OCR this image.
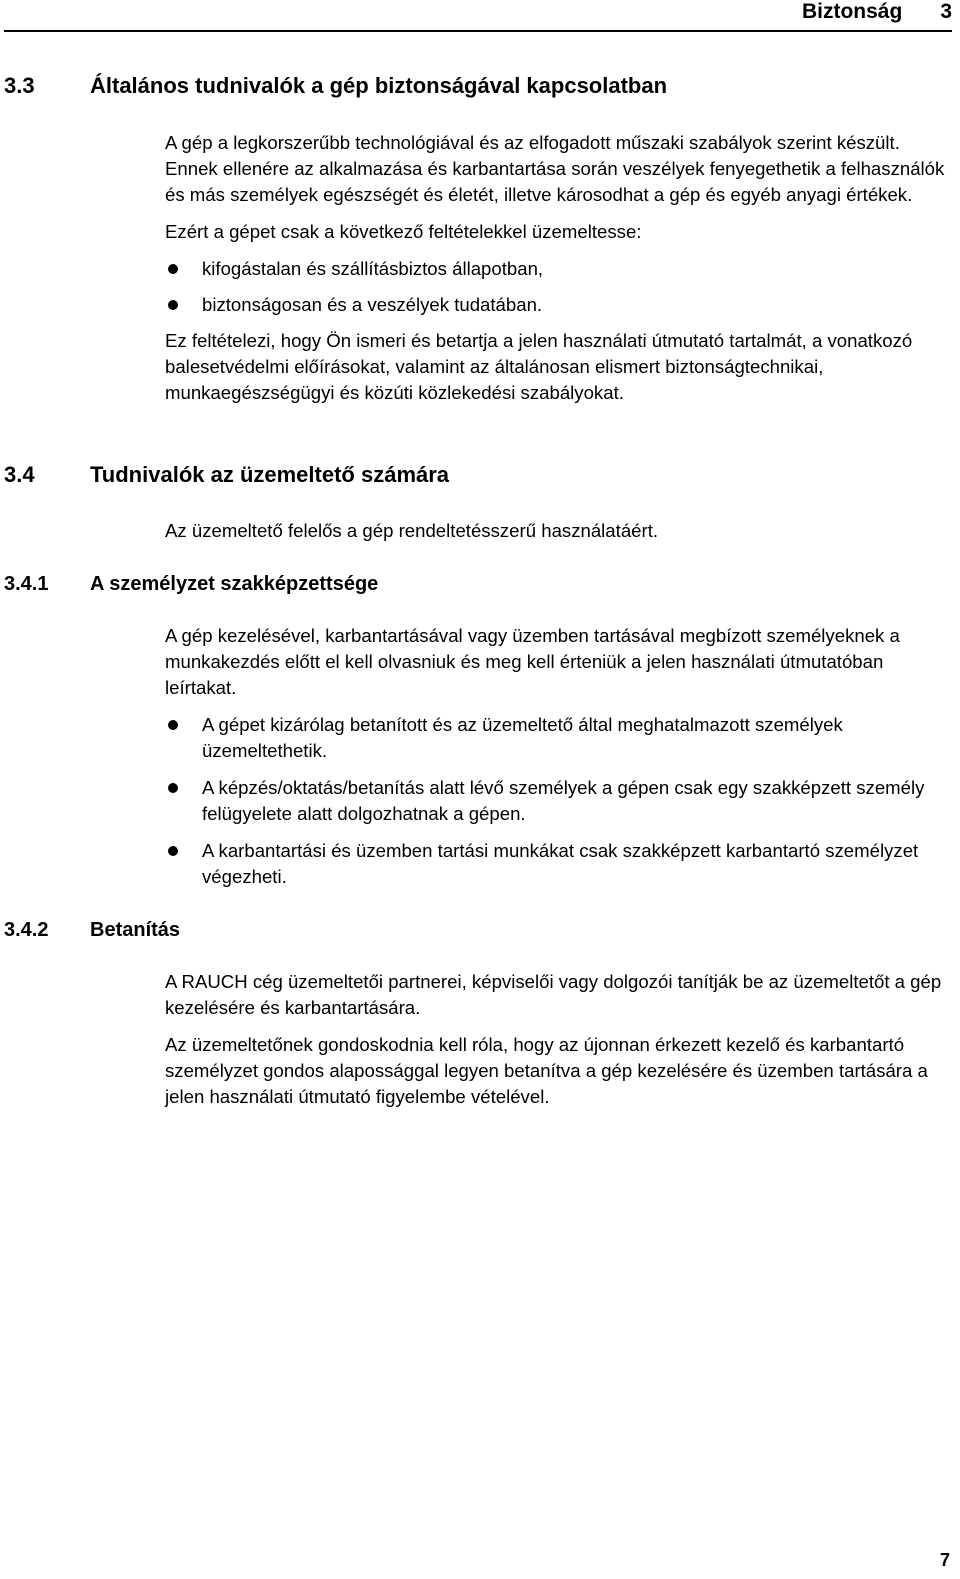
Biztonság 3
3.3	Általános tudnivalók a gép biztonságával kapcsolatban

A gép a legkorszerűbb technológiával és az elfogadott műszaki szabályok szerint készült. Ennek ellenére az alkalmazása és karbantartása során veszélyek fenyegethetik a felhasználók és más személyek egészségét és életét, illetve károsodhat a gép és egyéb anyagi értékek.

Ezért a gépet csak a következő feltételekkel üzemeltesse:

kifogástalan és szállításbiztos állapotban,
biztonságosan és a veszélyek tudatában.

Ez feltételezi, hogy Ön ismeri és betartja a jelen használati útmutató tartalmát, a vonatkozó balesetvédelmi előírásokat, valamint az általánosan elismert biztonságtechnikai, munkaegészségügyi és közúti közlekedési szabályokat.

3.4	Tudnivalók az üzemeltető számára

Az üzemeltető felelős a gép rendeltetésszerű használatáért.

3.4.1 A személyzet szakképzettsége

A gép kezelésével, karbantartásával vagy üzemben tartásával megbízott személyeknek a munkakezdés előtt el kell olvasniuk és meg kell érteniük a jelen használati útmutatóban leírtakat.

A gépet kizárólag betanított és az üzemeltető által meghatalmazott személyek üzemeltethetik.
A képzés/oktatás/betanítás alatt lévő személyek a gépen csak egy szakképzett személy felügyelete alatt dolgozhatnak a gépen.
A karbantartási és üzemben tartási munkákat csak szakképzett karbantartó személyzet végezheti.
3.4.2 Betanítás

A RAUCH cég üzemeltetői partnerei, képviselői vagy dolgozói tanítják be az üzemeltetőt a gép kezelésére és karbantartására.

Az üzemeltetőnek gondoskodnia kell róla, hogy az újonnan érkezett kezelő és karbantartó személyzet gondos alapossággal legyen betanítva a gép kezelésére és üzemben tartására a jelen használati útmutató figyelembe vételével.

7
